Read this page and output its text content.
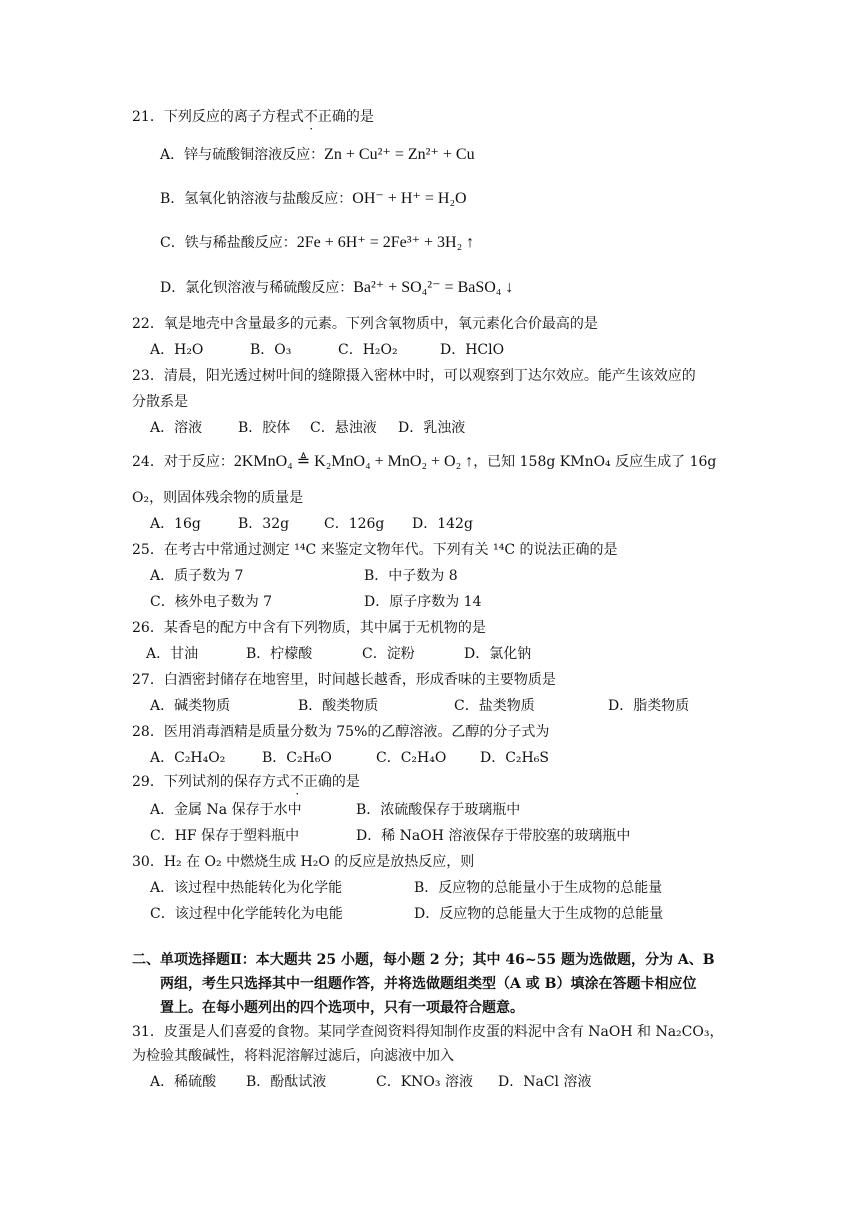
21．下列反应的离子方程式不正确的是
A．锌与硫酸铜溶液反应：Zn + Cu²⁺ = Zn²⁺ + Cu
B．氢氧化钠溶液与盐酸反应：OH⁻ + H⁺ = H₂O
C．铁与稀盐酸反应：2Fe + 6H⁺ = 2Fe³⁺ + 3H₂ ↑
D．氯化钡溶液与稀硫酸反应：Ba²⁺ + SO₄²⁻ = BaSO₄ ↓
22．氧是地壳中含量最多的元素。下列含氧物质中，氧元素化合价最高的是
A．H₂O	B．O₃	C．H₂O₂	D．HClO
23．清晨，阳光透过树叶间的缝隙摄入密林中时，可以观察到丁达尔效应。能产生该效应的
分散系是
A．溶液	B．胶体 C．悬浊液 D．乳浊液
24．对于反应：2KMnO₄ ≜ K₂MnO₄ + MnO₂ + O₂ ↑，已知 158g KMnO₄ 反应生成了 16g
O₂，则固体残余物的质量是
A．16g	B．32g C．126g D．142g
25．在考古中常通过测定 ¹⁴C 来鉴定文物年代。下列有关 ¹⁴C 的说法正确的是
A．质子数为 7	B．中子数为 8
C．核外电子数为 7	D．原子序数为 14
26．某香皂的配方中含有下列物质，其中属于无机物的是
A．甘油	B．柠檬酸	C．淀粉	D．氯化钠
27．白酒密封储存在地窖里，时间越长越香，形成香味的主要物质是
A．碱类物质	B．酸类物质	C．盐类物质	D．脂类物质
28．医用消毒酒精是质量分数为 75%的乙醇溶液。乙醇的分子式为
A．C₂H₄O₂	B．C₂H₆O	C．C₂H₄O D．C₂H₆S
29．下列试剂的保存方式不正确的是
A．金属 Na 保存于水中	B．浓硫酸保存于玻璃瓶中
C．HF 保存于塑料瓶中	D．稀 NaOH 溶液保存于带胶塞的玻璃瓶中
30．H₂ 在 O₂ 中燃烧生成 H₂O 的反应是放热反应，则
A．该过程中热能转化为化学能	B．反应物的总能量小于生成物的总能量
C．该过程中化学能转化为电能	D．反应物的总能量大于生成物的总能量
二、单项选择题Ⅱ：本大题共 25 小题，每小题 2 分；其中 46~55 题为选做题，分为 A、B
两组，考生只选择其中一组题作答，并将选做题组类型（A 或 B）填涂在答题卡相应位
置上。在每小题列出的四个选项中，只有一项最符合题意。
31．皮蛋是人们喜爱的食物。某同学查阅资料得知制作皮蛋的料泥中含有 NaOH 和 Na₂CO₃，
为检验其酸碱性，将料泥溶解过滤后，向滤液中加入
A．稀硫酸 B．酚酞试液	C．KNO₃ 溶液 D．NaCl 溶液
